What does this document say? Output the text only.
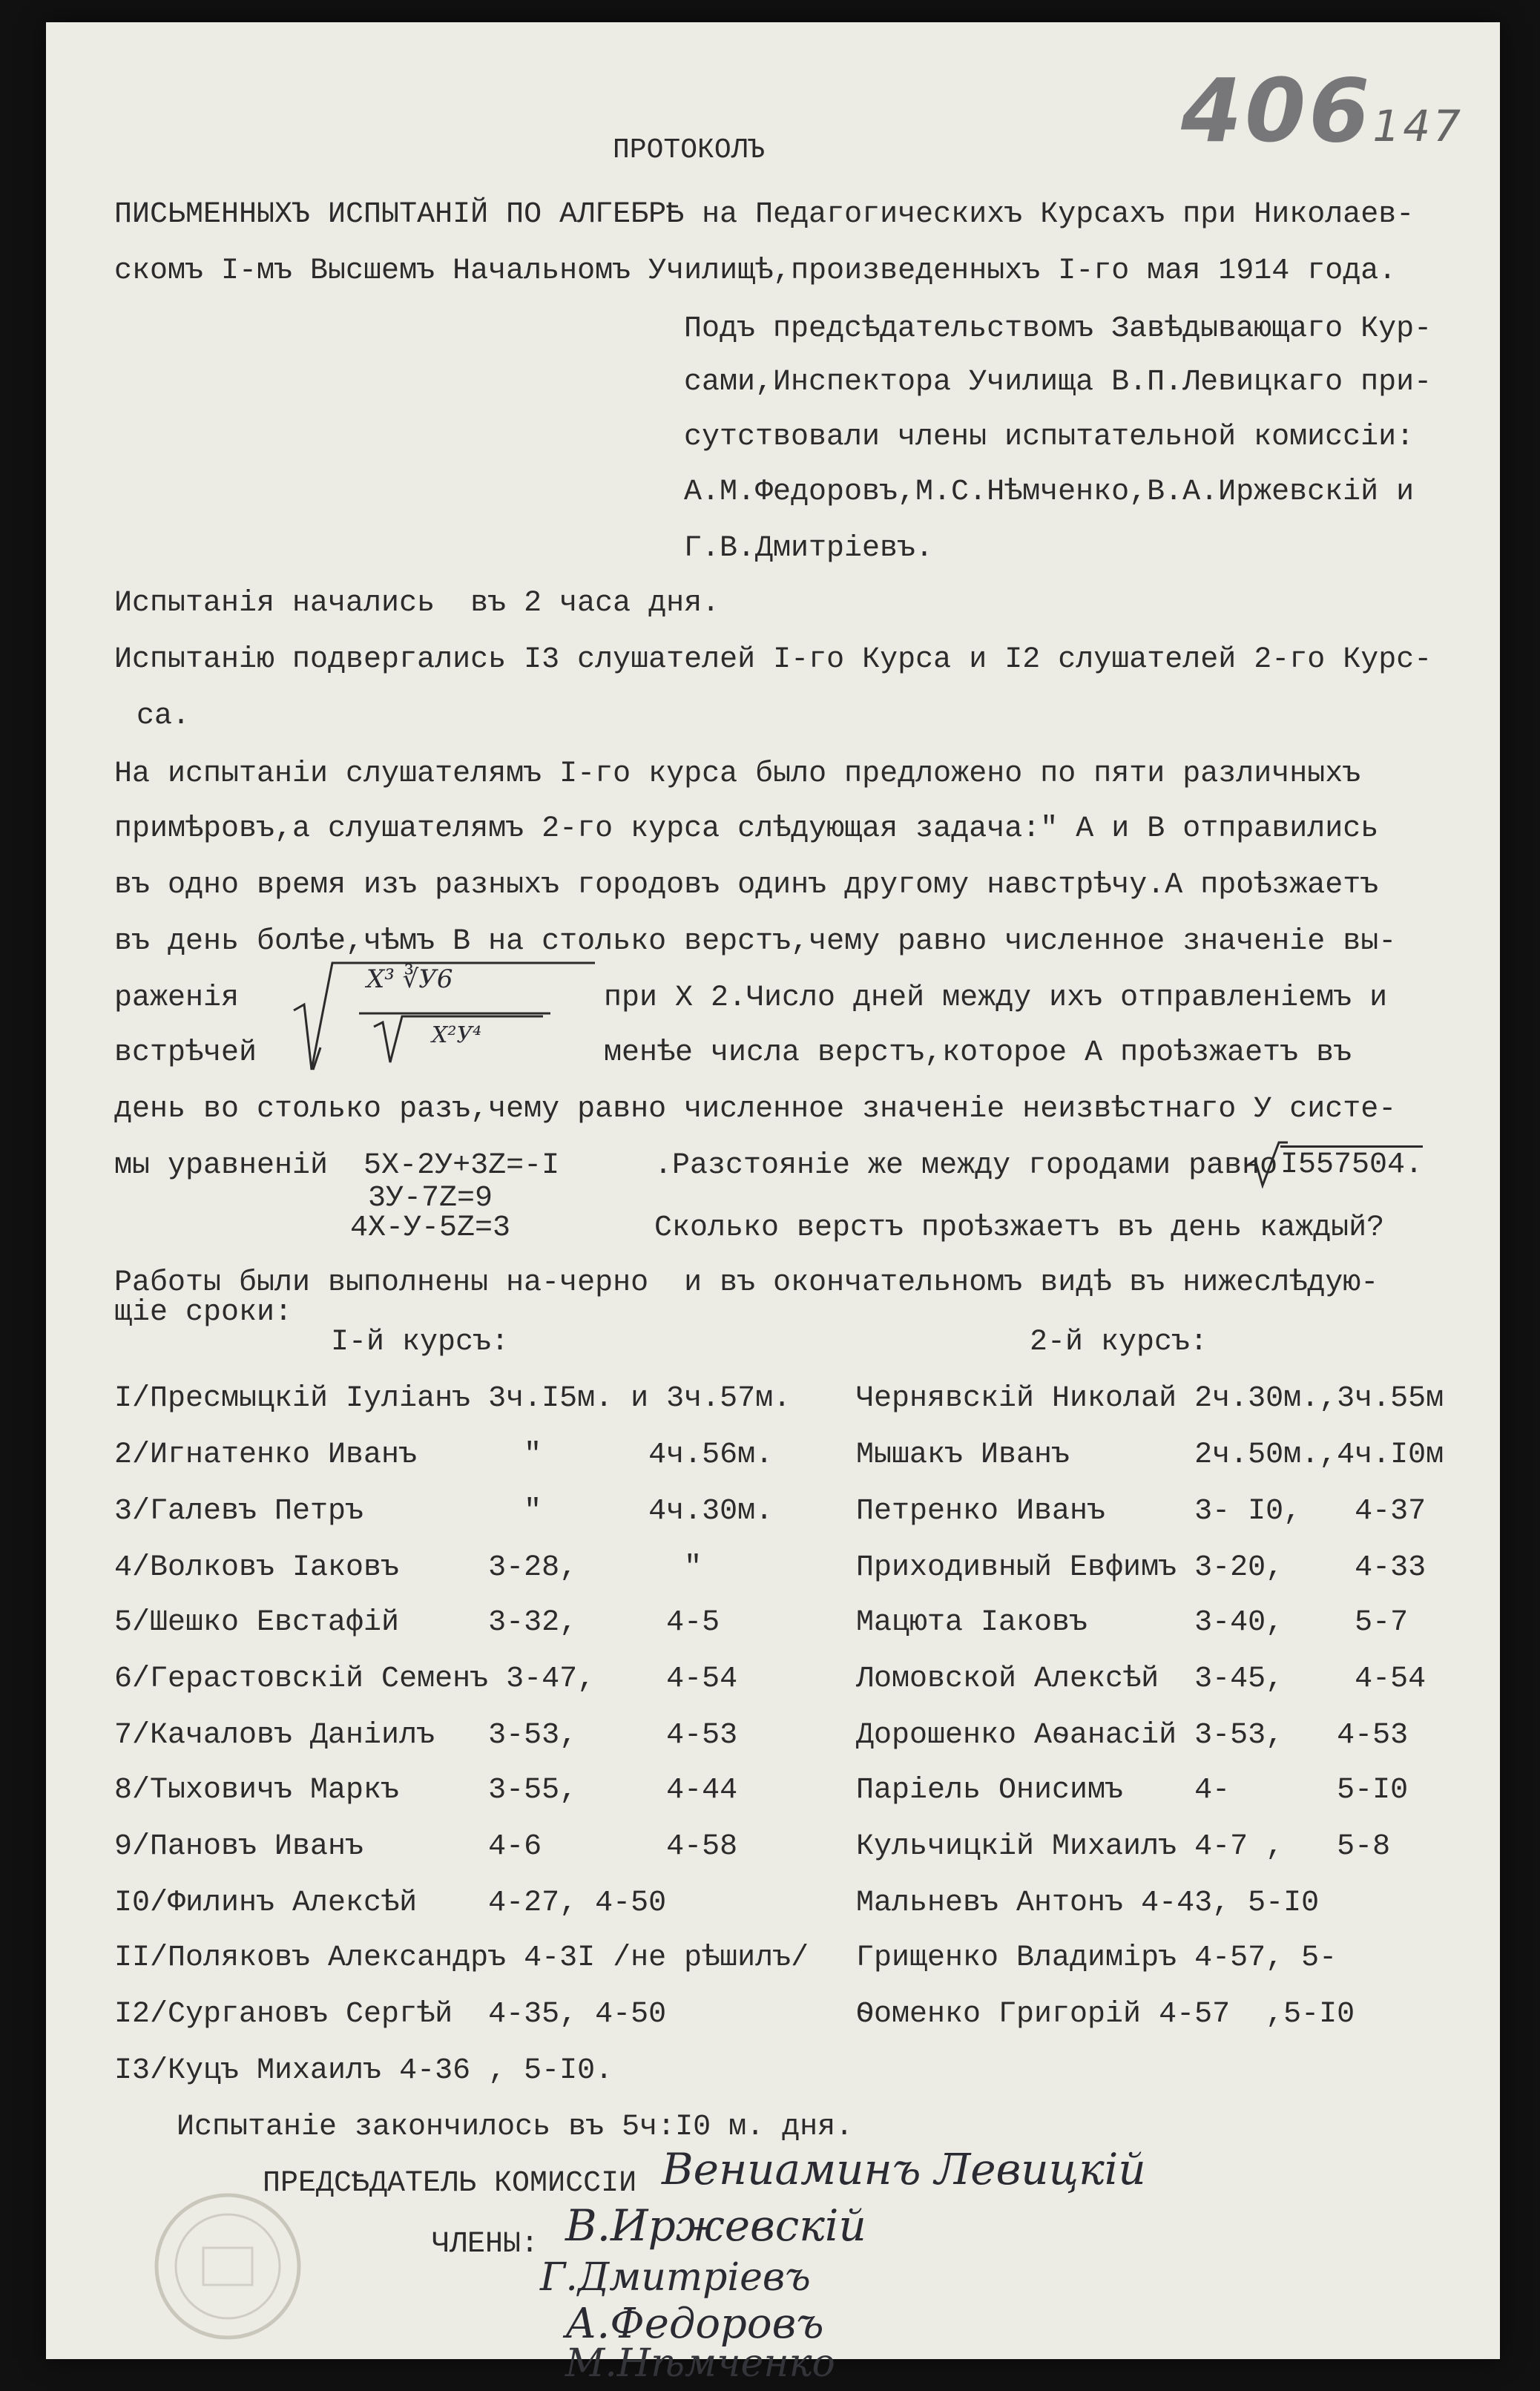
406147
ПРОТОКОЛЪ
ПИСЬМЕННЫХЪ ИСПЫТАНІЙ ПО АЛГЕБРѢ на Педагогическихъ Курсахъ при Николаев-
скомъ I-мъ Высшемъ Начальномъ Училищѣ,произведенныхъ I-го мая 1914 года.
Подъ предсѣдательствомъ Завѣдывающаго Кур-
сами,Инспектора Училища В.П.Левицкаго при-
сутствовали члены испытательной комиссіи:
А.М.Федоровъ,М.С.Нѣмченко,В.А.Иржевскій и
Г.В.Дмитріевъ.
Испытанія начались  въ 2 часа дня.
Испытанію подвергались I3 слушателей I-го Курса и I2 слушателей 2-го Курс-
са.
На испытаніи слушателямъ I-го курса было предложено по пяти различныхъ
примѣровъ,а слушателямъ 2-го курса слѣдующая задача:" А и В отправились
въ одно время изъ разныхъ городовъ одинъ другому навстрѣчу.А проѣзжаетъ
въ день болѣе,чѣмъ В на столько верстъ,чему равно численное значеніе вы-
раженія	при Х 2.Число дней между ихъ отправленіемъ и
встрѣчей	менѣе числа верстъ,которое А проѣзжаетъ въ
Х³ ∛У6
Х²У⁴
день во столько разъ,чему равно численное значеніе неизвѣстнаго У систе-
мы уравненій  5Х-2У+3Z=-I	.Разстояніе же между городами равно I557504.
3У-7Z=9
4Х-У-5Z=3	Сколько верстъ проѣзжаетъ въ день каждый?
Работы были выполнены на-черно  и въ окончательномъ видѣ въ нижеслѣдую-
щіе сроки:
I-й курсъ:	2-й курсъ:
I/Пресмыцкій Іуліанъ 3ч.I5м. и 3ч.57м.
2/Игнатенко Иванъ      "      4ч.56м.
3/Галевъ Петръ         "      4ч.30м.
4/Волковъ Іаковъ     3-28,      "
5/Шешко Евстафій     3-32,     4-5
6/Герастовскій Семенъ 3-47,    4-54
7/Качаловъ Даніилъ   3-53,     4-53
8/Тыховичъ Маркъ     3-55,     4-44
9/Пановъ Иванъ       4-6       4-58
I0/Филинъ Алексѣй    4-27, 4-50
II/Поляковъ Александръ 4-3I /не рѣшилъ/
I2/Сургановъ Сергѣй  4-35, 4-50
I3/Куцъ Михаилъ 4-36 , 5-I0.
Чернявскій Николай 2ч.30м.,3ч.55м
Мышакъ Иванъ       2ч.50м.,4ч.I0м
Петренко Иванъ     3- I0,   4-37
Приходивный Евфимъ 3-20,    4-33
Мацюта Іаковъ      3-40,    5-7
Ломовской Алексѣй  3-45,    4-54
Дорошенко Аѳанасій 3-53,   4-53
Паріель Онисимъ    4-      5-I0
Кульчицкій Михаилъ 4-7 ,   5-8
Мальневъ Антонъ 4-43, 5-I0
Грищенко Владиміръ 4-57, 5-
Ѳоменко Григорій 4-57  ,5-I0
Испытаніе закончилось въ 5ч:I0 м. дня.
ПРЕДСѢДАТЕЛЬ КОМИССІИ
ЧЛЕНЫ:
Вениаминъ Левицкій
В.Иржевскій
Г.Дмитріевъ
А.Федоровъ
М.Нѣмченко
